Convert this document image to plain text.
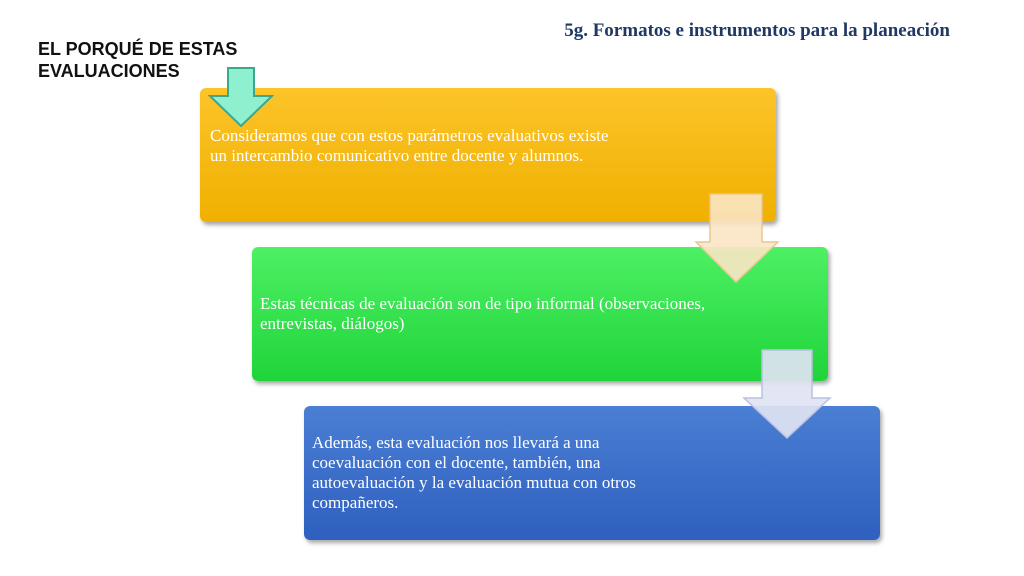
EL PORQUÉ DE ESTAS EVALUACIONES
5g. Formatos e instrumentos para la planeación
Consideramos que con estos parámetros evaluativos existe un intercambio comunicativo entre docente y alumnos.
Estas técnicas de evaluación son de tipo informal (observaciones, entrevistas, diálogos)
Además, esta evaluación nos llevará a una coevaluación con el docente, también, una autoevaluación y la evaluación mutua con otros compañeros.
